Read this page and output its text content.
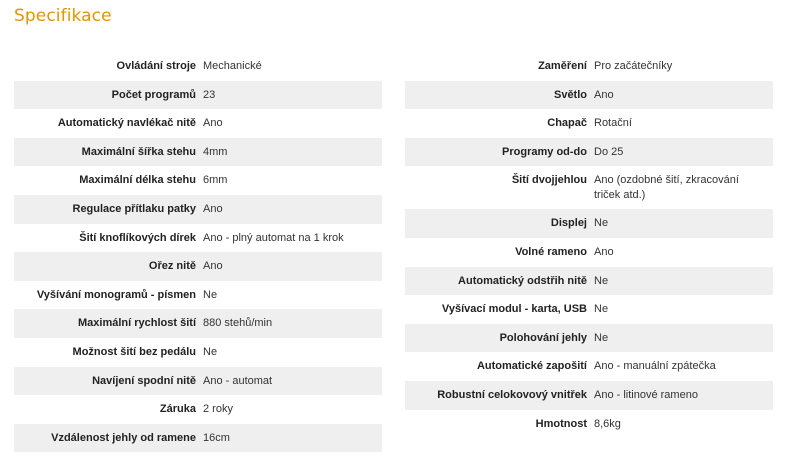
Specifikace
Ovládání stroje Mechanické
Počet programů 23
Automatický navlékač nitě Ano
Maximální šířka stehu 4mm
Maximální délka stehu 6mm
Regulace přítlaku patky Ano
Šití knoflíkových dírek Ano - plný automat na 1 krok
Ořez nitě Ano
Vyšívání monogramů - písmen Ne
Maximální rychlost šití 880 stehů/min
Možnost šití bez pedálu Ne
Navíjení spodní nitě Ano - automat
Záruka 2 roky
Vzdálenost jehly od ramene 16cm
Zaměření Pro začátečníky
Světlo Ano
Chapač Rotační
Programy od-do Do 25
Šití dvojjehlou Ano (ozdobné šití, zkracování triček atd.)
Displej Ne
Volné rameno Ano
Automatický odstřih nitě Ne
Vyšívací modul - karta, USB Ne
Polohování jehly Ne
Automatické zapošití Ano - manuální zpátečka
Robustní celokovový vnitřek Ano - litinové rameno
Hmotnost 8,6kg
